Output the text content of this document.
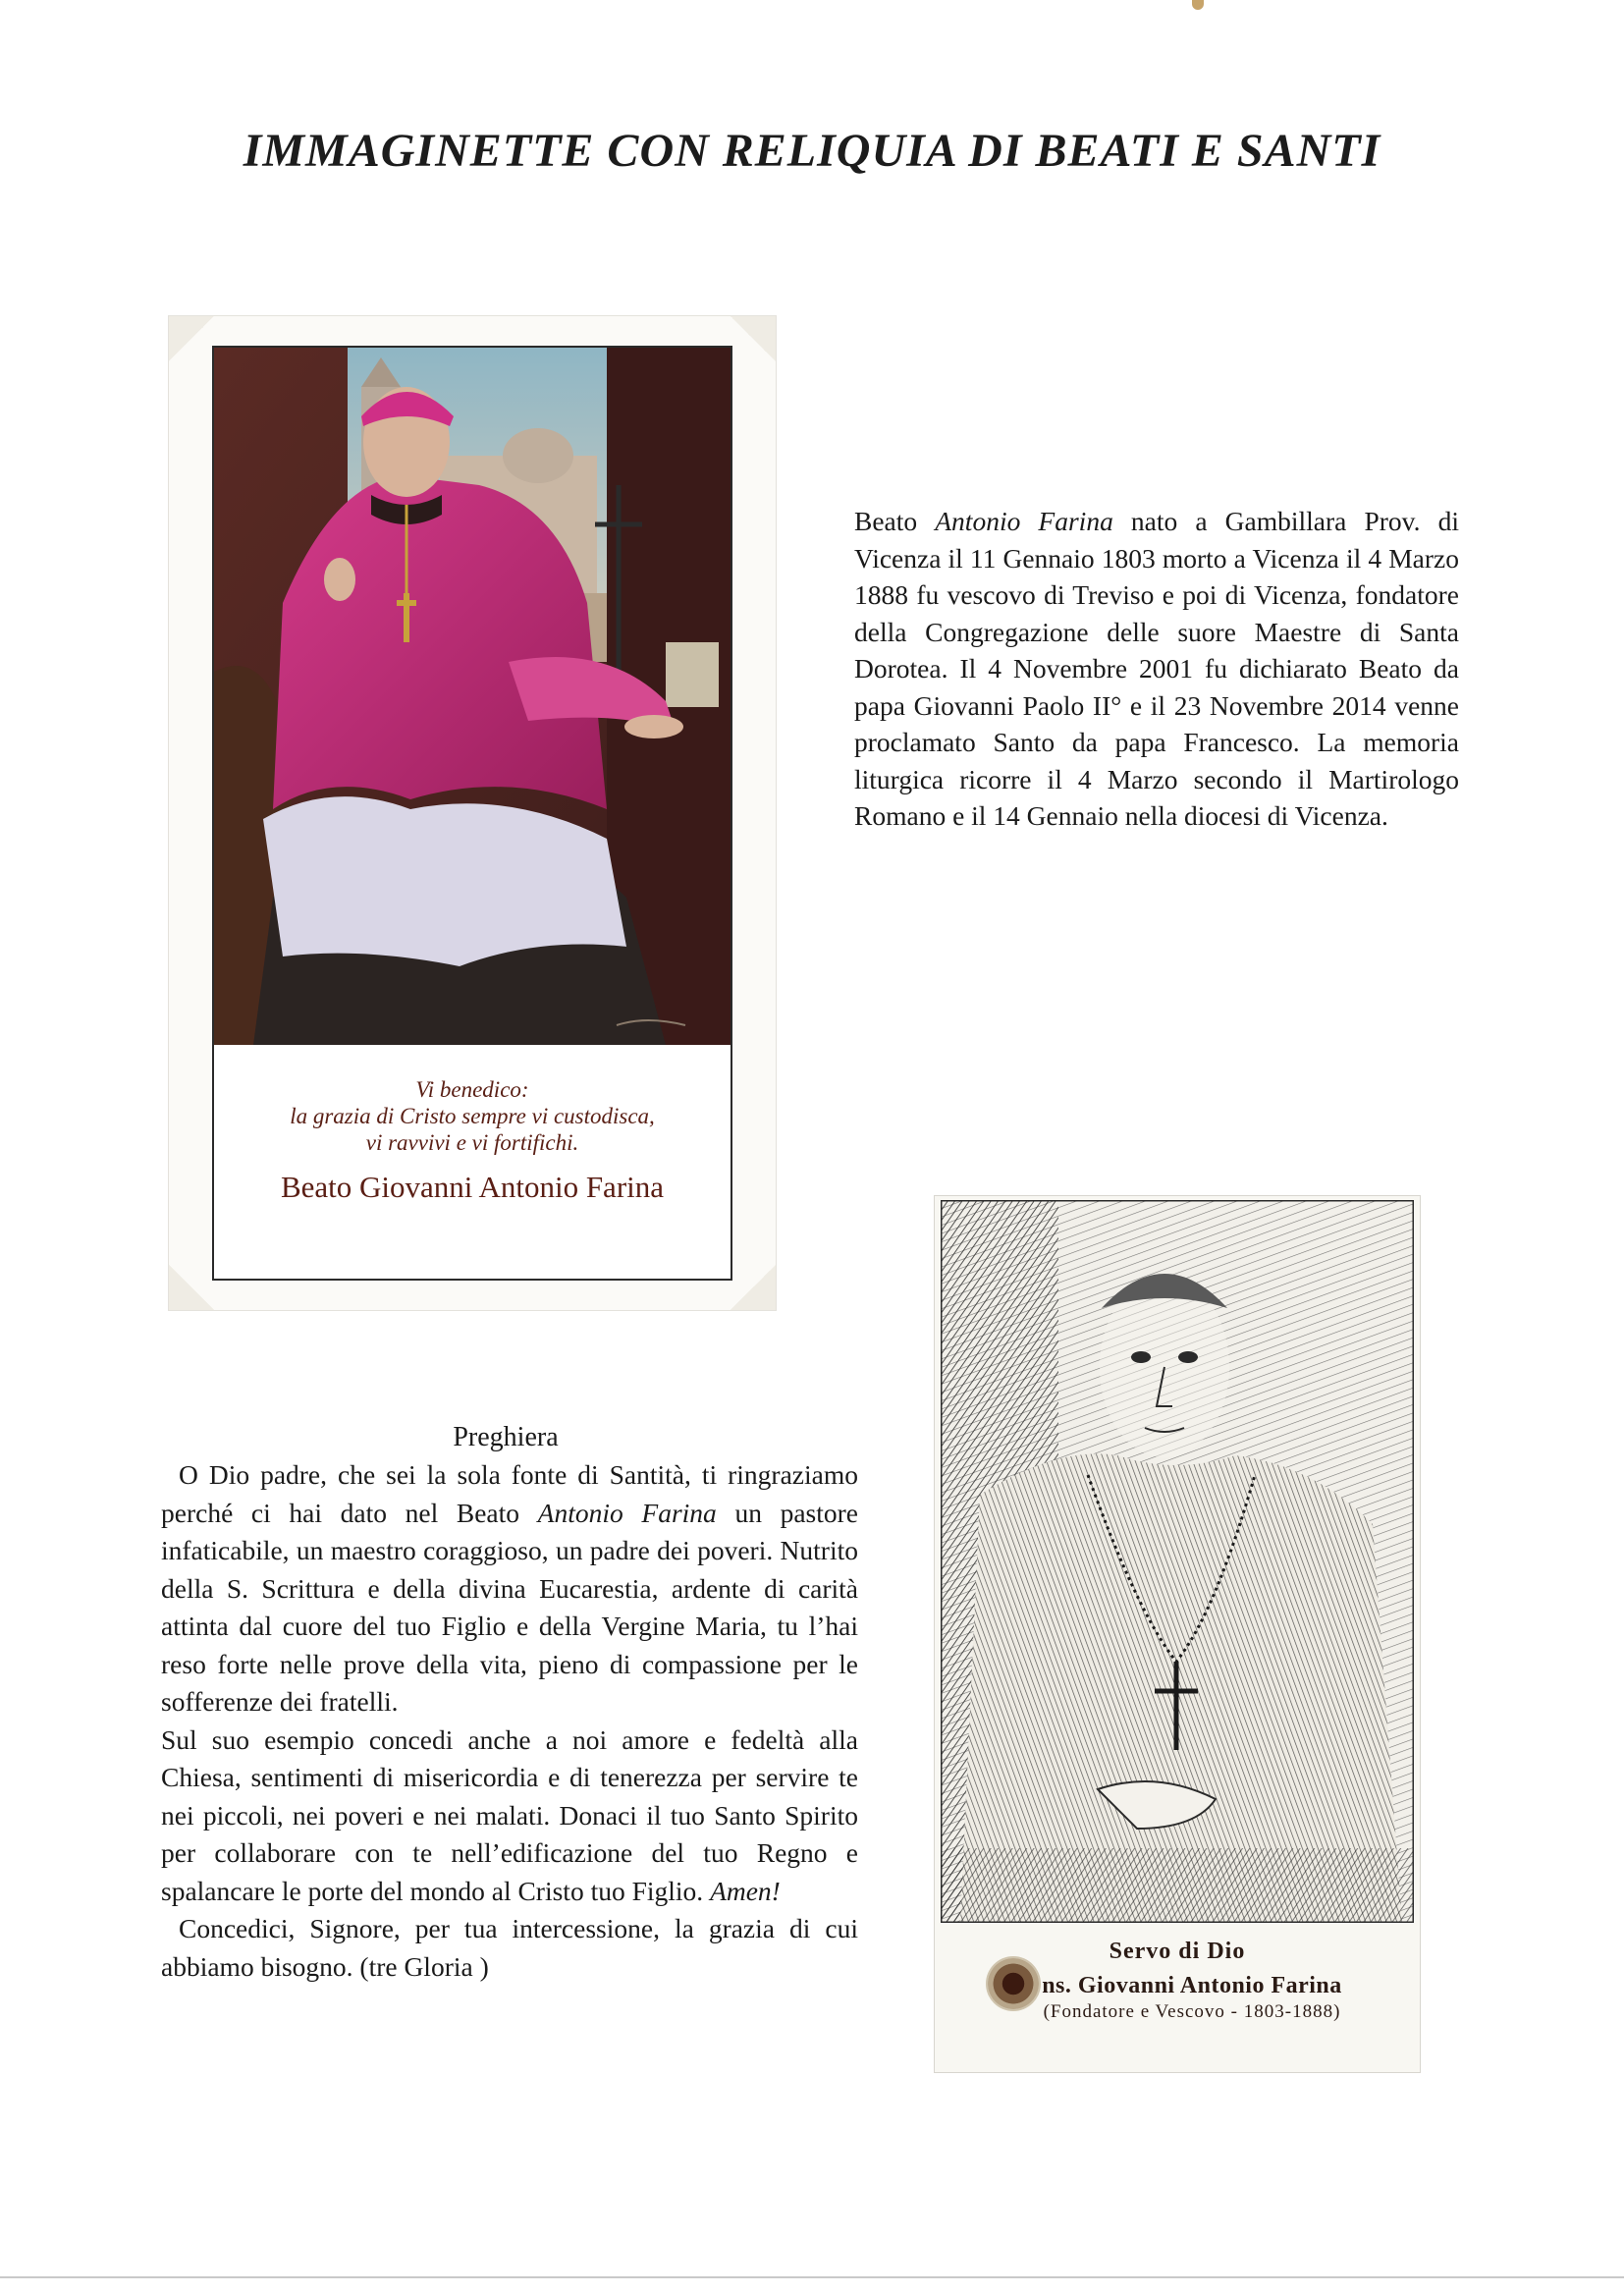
IMMAGINETTE CON RELIQUIA DI BEATI E SANTI
Vi benedico:
la grazia di Cristo sempre vi custodisca,
vi ravvivi e vi fortifichi.
Beato Giovanni Antonio Farina
Beato Antonio Farina nato a Gambillara Prov. di Vicenza il 11 Gennaio 1803 morto a Vicenza il 4 Marzo 1888 fu vescovo di Treviso e poi di Vicenza, fondatore della Congregazione delle suore Maestre di Santa Dorotea. Il 4 Novembre 2001 fu dichiarato Beato da papa Giovanni Paolo II° e il 23 Novembre 2014 venne proclamato Santo da papa Francesco. La memoria liturgica ricorre il 4 Marzo secondo il Martirologo Romano e il 14 Gennaio nella diocesi di Vicenza.
Preghiera

O Dio padre, che sei la sola fonte di Santità, ti ringraziamo perché ci hai dato nel Beato Antonio Farina un pastore infaticabile, un maestro coraggioso, un padre dei poveri. Nutrito della S. Scrittura e della divina Eucarestia, ardente di carità attinta dal cuore del tuo Figlio e della Vergine Maria, tu l’hai reso forte nelle prove della vita, pieno di compassione per le sofferenze dei fratelli.

Sul suo esempio concedi anche a noi amore e fedeltà alla Chiesa, sentimenti di misericordia e di tenerezza per servire te nei piccoli, nei poveri e nei malati. Donaci il tuo Santo Spirito per collaborare con te nell’edificazione del tuo Regno e spalancare le porte del mondo al Cristo tuo Figlio. Amen!

Concedici, Signore, per tua intercessione, la grazia di cui abbiamo bisogno. (tre Gloria )	Servo di Dio
ns. Giovanni Antonio Farina
(Fondatore e Vescovo - 1803-1888)
